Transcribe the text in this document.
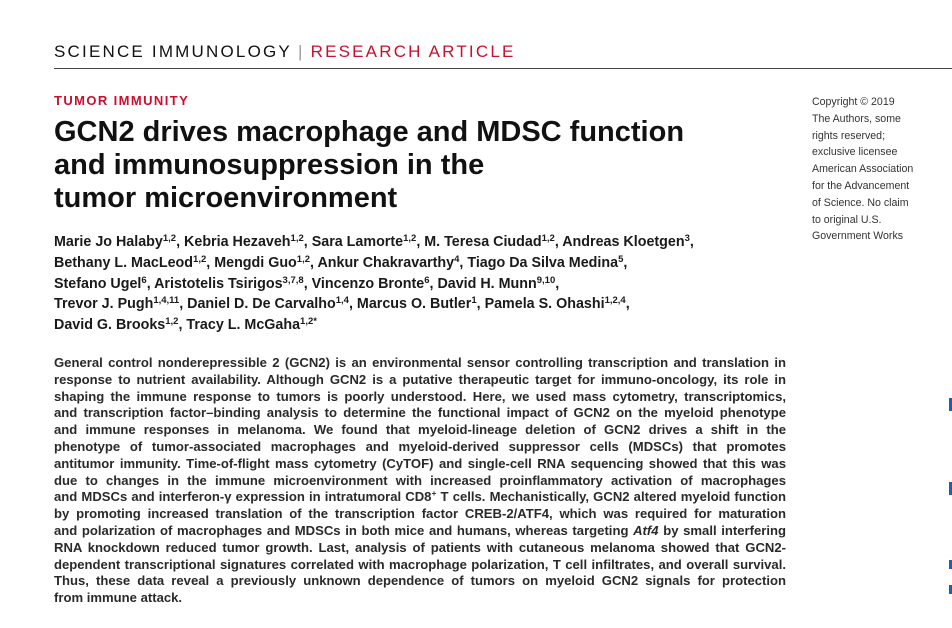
SCIENCE IMMUNOLOGY | RESEARCH ARTICLE
TUMOR IMMUNITY
GCN2 drives macrophage and MDSC function
and immunosuppression in the
tumor microenvironment
Marie Jo Halaby$^{1,2}$, Kebria Hezaveh$^{1,2}$, Sara Lamorte$^{1,2}$, M. Teresa Ciudad$^{1,2}$, Andreas Kloetgen$^3$,
Bethany L. MacLeod$^{1,2}$, Mengdi Guo$^{1,2}$, Ankur Chakravarthy$^4$, Tiago Da Silva Medina$^5$,
Stefano Ugel$^6$, Aristotelis Tsirigos$^{3,7,8}$, Vincenzo Bronte$^6$, David H. Munn$^{9,10}$,
Trevor J. Pugh$^{1,4,11}$, Daniel D. De Carvalho$^{1,4}$, Marcus O. Butler$^1$, Pamela S. Ohashi$^{1,2,4}$,
David G. Brooks$^{1,2}$, Tracy L. McGaha$^{1,2*}$
General control nonderepressible 2 (GCN2) is an environmental sensor controlling transcription and translation in
response to nutrient availability. Although GCN2 is a putative therapeutic target for immuno-oncology, its role in
shaping the immune response to tumors is poorly understood. Here, we used mass cytometry, transcriptomics,
and transcription factor–binding analysis to determine the functional impact of GCN2 on the myeloid phenotype
and immune responses in melanoma. We found that myeloid-lineage deletion of GCN2 drives a shift in the
phenotype of tumor-associated macrophages and myeloid-derived suppressor cells (MDSCs) that promotes
antitumor immunity. Time-of-flight mass cytometry (CyTOF) and single-cell RNA sequencing showed that this was
due to changes in the immune microenvironment with increased proinflammatory activation of macrophages
and MDSCs and interferon-γ expression in intratumoral CD8+ T cells. Mechanistically, GCN2 altered myeloid function
by promoting increased translation of the transcription factor CREB-2/ATF4, which was required for maturation
and polarization of macrophages and MDSCs in both mice and humans, whereas targeting Atf4 by small interfering
RNA knockdown reduced tumor growth. Last, analysis of patients with cutaneous melanoma showed that GCN2-
dependent transcriptional signatures correlated with macrophage polarization, T cell infiltrates, and overall survival.
Thus, these data reveal a previously unknown dependence of tumors on myeloid GCN2 signals for protection
from immune attack.
Copyright © 2019
The Authors, some
rights reserved;
exclusive licensee
American Association
for the Advancement
of Science. No claim
to original U.S.
Government Works
